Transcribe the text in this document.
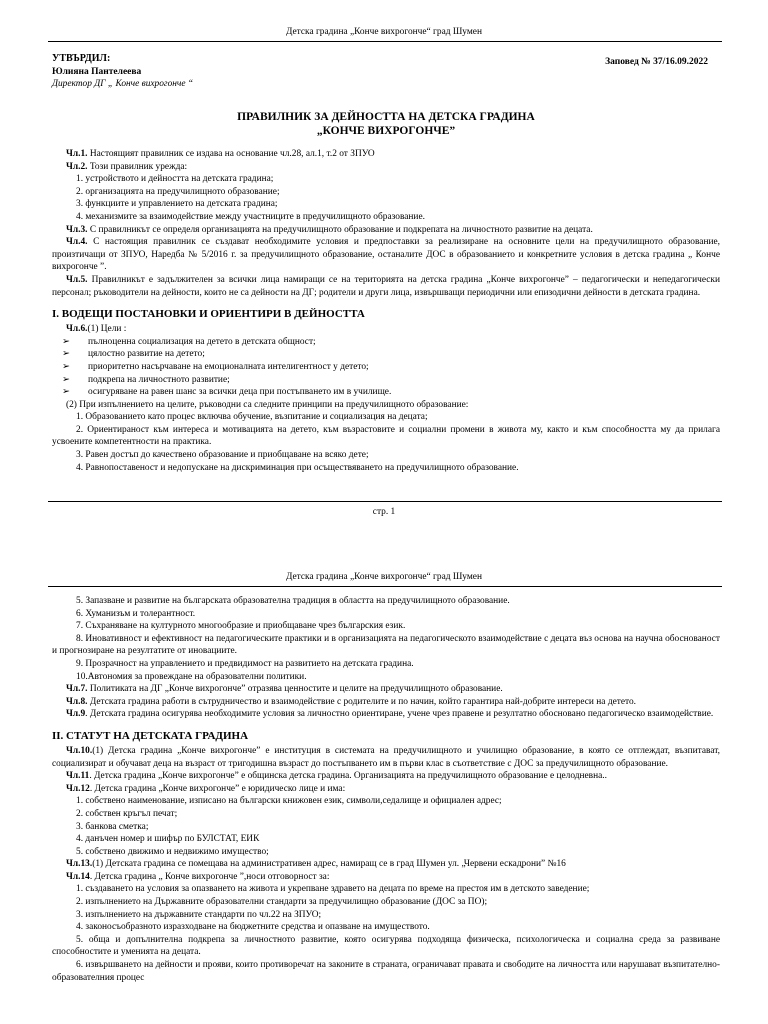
Детска градина „Конче вихрогонче“ град Шумен
УТВЪРДИЛ:
Юлияна Пантелеева
Директор ДГ „ Конче вихрогонче “
Заповед № 37/16.09.2022
ПРАВИЛНИК ЗА ДЕЙНОСТТА НА ДЕТСКА ГРАДИНА
„КОНЧЕ ВИХРОГОНЧЕ”
Чл.1. Настоящият правилник се издава на основание чл.28, ал.1, т.2 от ЗПУО
Чл.2. Този правилник урежда:
1. устройството и дейността на детската градина;
2. организацията на предучилищното образование;
3. функциите и управлението на детската градина;
4. механизмите за взаимодействие между участниците в предучилищното образование.
Чл.3. С правилникът се определя организацията на предучилищното образование и подкрепата на личностното развитие на децата.
Чл.4. С настоящия правилник се създават необходимите условия и предпоставки за реализиране на основните цели на предучилищното образование, произтичащи от ЗПУО, Наредба № 5/2016 г. за предучилищното образование, останалите ДОС в образованието и конкретните условия в детска градина „ Конче вихрогонче ”.
Чл.5. Правилникът е задължителен за всички лица намиращи се на територията на детска градина „Конче вихрогонче” – педагогически и непедагогически персонал; ръководители на дейности, които не са дейности на ДГ; родители и други лица, извършващи периодични или епизодични дейности в детската градина.
I. ВОДЕЩИ ПОСТАНОВКИ И ОРИЕНТИРИ В ДЕЙНОСТТА
Чл.6.(1) Цели :
➢ пълноценна социализация на детето в детската общност;
➢ цялостно развитие на детето;
➢ приоритетно насърчаване на емоционалната интелигентност у детето;
➢ подкрепа на личностното развитие;
➢ осигуряване на равен шанс за всички деца при постъпването им в училище.
(2) При изпълнението на целите, ръководни са следните принципи на предучилищното образование:
1. Образованието като процес включва обучение, възпитание и социализация на децата;
2. Ориентираност към интереса и мотивацията на детето, към възрастовите и социални промени в живота му, както и към способността му да прилага усвоените компетентности на практика.
3. Равен достъп до качествено образование и приобщаване на всяко дете;
4. Равнопоставеност и недопускане на дискриминация при осъществяването на предучилищното образование.
стр. 1
Детска градина „Конче вихрогонче“ град Шумен
5. Запазване и развитие на българската образователна традиция в областта на предучилищното образование.
6. Хуманизъм и толерантност.
7. Съхраняване на културното многообразие и приобщаване чрез българския език.
8. Иновативност и ефективност на педагогическите практики и в организацията на педагогическото взаимодействие с децата въз основа на научна обоснованост и прогнозиране на резултатите от иновациите.
9. Прозрачност на управлението и предвидимост на развитието на детската градина.
10.Автономия за провеждане на образователни политики.
Чл.7. Политиката на ДГ „Конче вихрогонче” отразява ценностите и целите на предучилищното образование.
Чл.8. Детската градина работи в сътрудничество и взаимодействие с родителите и по начин, който гарантира най-добрите интереси на детето.
Чл.9. Детската градина осигурява необходимите условия за личностно ориентиране, учене чрез правене и резултатно обосновано педагогическо взаимодействие.
II. СТАТУТ НА ДЕТСКАТА ГРАДИНА
Чл.10.(1) Детска градина „Конче вихрогонче” е институция в системата на предучилищното и училищно образование, в която се отглеждат, възпитават, социализират и обучават деца на възраст от тригодишна възраст до постъпването им в първи клас в съответствие с ДОС за предучилищното образование.
Чл.11. Детска градина „Конче вихрогонче” е общинска детска градина. Организацията на предучилищното образование е целодневна..
Чл.12. Детска градина „Конче вихрогонче” е юридическо лице и има:
1. собствено наименование, изписано на български книжовен език, символи,седалище и официален адрес;
2. собствен кръгъл печат;
3. банкова сметка;
4. данъчен номер и шифър по БУЛСТАТ, ЕИК
5. собствено движимо и недвижимо имущество;
Чл.13.(1) Детската градина се помещава на административен адрес, намиращ се в град Шумен ул. „Червени ескадрони” №16
Чл.14. Детска градина „ Конче вихрогонче ”,носи отговорност за:
1. създаването на условия за опазването на живота и укрепване здравето на децата по време на престоя им в детското заведение;
2. изпълнението на Държавните образователни стандарти за предучилищно образование (ДОС за ПО);
3. изпълнението на държавните стандарти по чл.22 на ЗПУО;
4. законосъобразното изразходване на бюджетните средства и опазване на имуществото.
5. обща и допълнителна подкрепа за личностното развитие, която осигурява подходяща физическа, психологическа и социална среда за развиване способностите и уменията на децата.
6. извършването на дейности и прояви, които противоречат на законите в страната, ограничават правата и свободите на личността или нарушават възпитателно-образователния процес
